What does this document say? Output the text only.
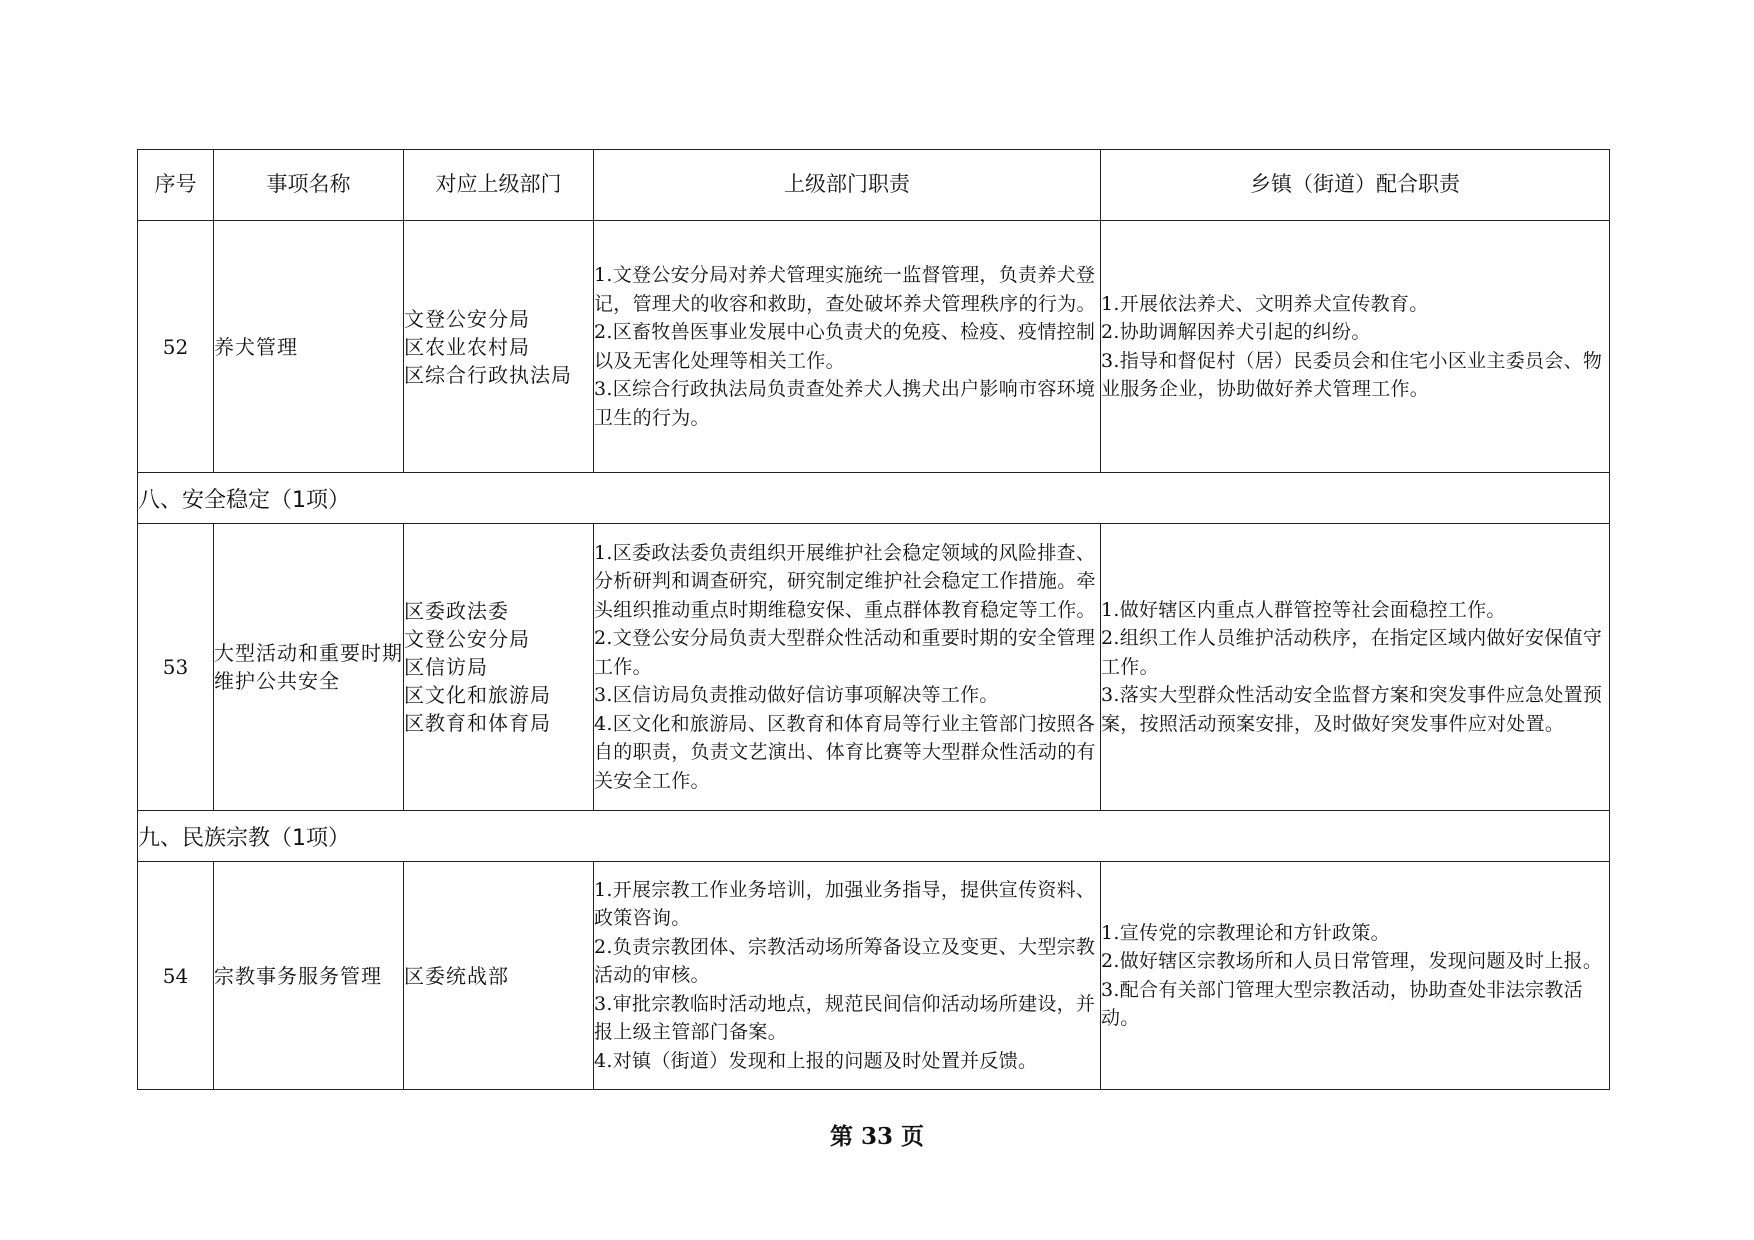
序号	事项名称	对应上级部门	上级部门职责	乡镇（街道）配合职责
52	养犬管理	文登公安分局
区农业农村局
区综合行政执法局	1.文登公安分局对养犬管理实施统一监督管理，负责养犬登记，管理犬的收容和救助，查处破坏养犬管理秩序的行为。
2.区畜牧兽医事业发展中心负责犬的免疫、检疫、疫情控制以及无害化处理等相关工作。
3.区综合行政执法局负责查处养犬人携犬出户影响市容环境卫生的行为。	1.开展依法养犬、文明养犬宣传教育。
2.协助调解因养犬引起的纠纷。
3.指导和督促村（居）民委员会和住宅小区业主委员会、物业服务企业，协助做好养犬管理工作。

八、安全稳定（1项）				
53	大型活动和重要时期维护公共安全	区委政法委
文登公安分局
区信访局
区文化和旅游局
区教育和体育局	1.区委政法委负责组织开展维护社会稳定领域的风险排查、分析研判和调查研究，研究制定维护社会稳定工作措施。牵头组织推动重点时期维稳安保、重点群体教育稳定等工作。
2.文登公安分局负责大型群众性活动和重要时期的安全管理工作。
3.区信访局负责推动做好信访事项解决等工作。
4.区文化和旅游局、区教育和体育局等行业主管部门按照各自的职责，负责文艺演出、体育比赛等大型群众性活动的有关安全工作。	1.做好辖区内重点人群管控等社会面稳控工作。
2.组织工作人员维护活动秩序，在指定区域内做好安保值守工作。
3.落实大型群众性活动安全监督方案和突发事件应急处置预案，按照活动预案安排，及时做好突发事件应对处置。

九、民族宗教（1项）				
54	宗教事务服务管理	区委统战部	1.开展宗教工作业务培训，加强业务指导，提供宣传资料、政策咨询。
2.负责宗教团体、宗教活动场所筹备设立及变更、大型宗教活动的审核。
3.审批宗教临时活动地点，规范民间信仰活动场所建设，并报上级主管部门备案。
4.对镇（街道）发现和上报的问题及时处置并反馈。	1.宣传党的宗教理论和方针政策。
2.做好辖区宗教场所和人员日常管理，发现问题及时上报。
3.配合有关部门管理大型宗教活动，协助查处非法宗教活动。
第 33 页
